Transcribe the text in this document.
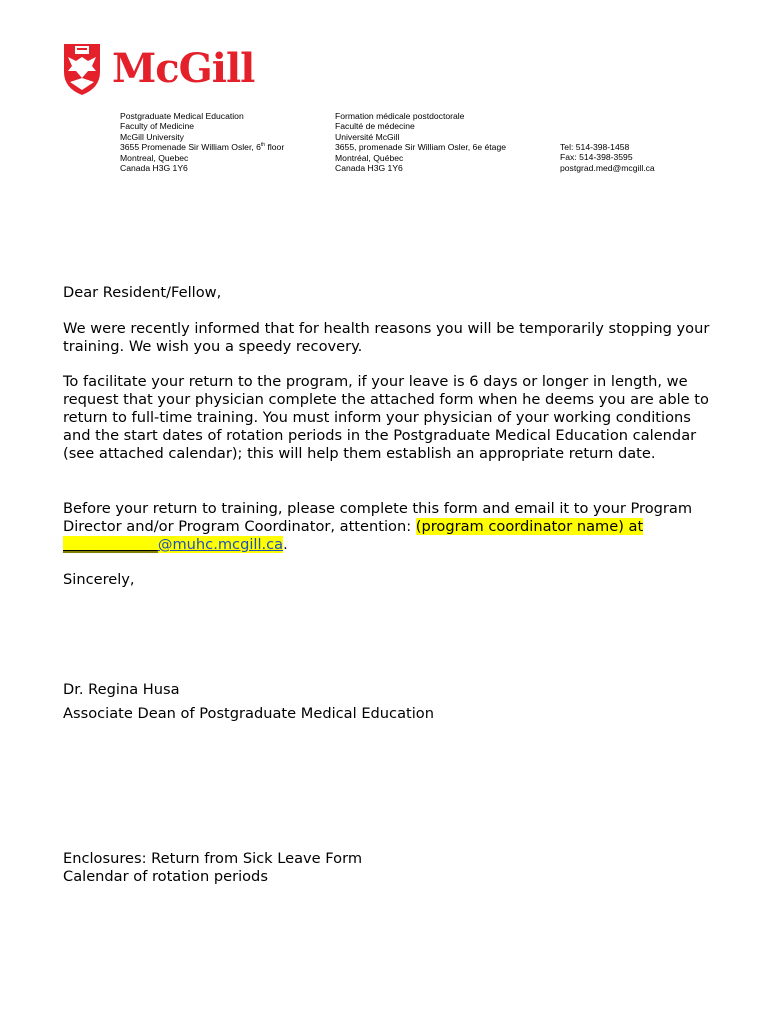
McGill
Postgraduate Medical Education
Faculty of Medicine
McGill University
3655 Promenade Sir William Osler, 6th floor
Montreal, Quebec
Canada H3G 1Y6
Formation médicale postdoctorale
Faculté de médecine
Université McGill
3655, promenade Sir William Osler, 6e étage
Montréal, Québec
Canada H3G 1Y6
Tel: 514-398-1458
Fax: 514-398-3595
postgrad.med@mcgill.ca

Dear Resident/Fellow,

We were recently informed that for health reasons you will be temporarily stopping your training. We wish you a speedy recovery.

To facilitate your return to the program, if your leave is 6 days or longer in length, we request that your physician complete the attached form when he deems you are able to return to full-time training. You must inform your physician of your working conditions and the start dates of rotation periods in the Postgraduate Medical Education calendar (see attached calendar); this will help them establish an appropriate return date.

Before your return to training, please complete this form and email it to your Program Director and/or Program Coordinator, attention: (program coordinator name) at _____________@muhc.mcgill.ca.

Sincerely,

Dr. Regina Husa

Associate Dean of Postgraduate Medical Education

Enclosures: Return from Sick Leave Form

Calendar of rotation periods
